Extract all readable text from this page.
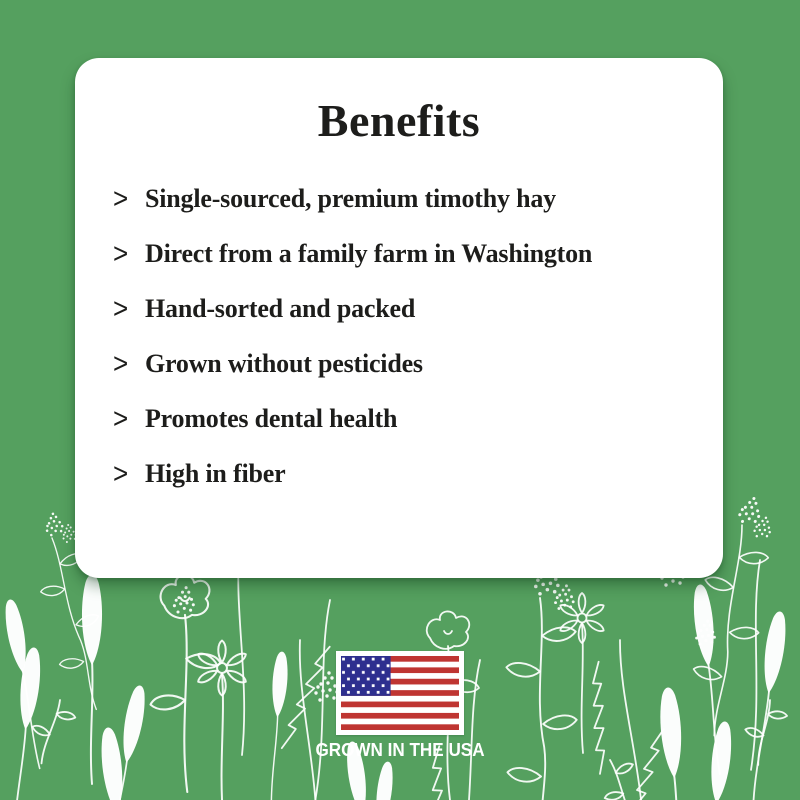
Benefits
> Single-sourced, premium timothy hay
> Direct from a family farm in Washington
> Hand-sorted and packed
> Grown without pesticides
> Promotes dental health
> High in fiber
GROWN IN THE USA
